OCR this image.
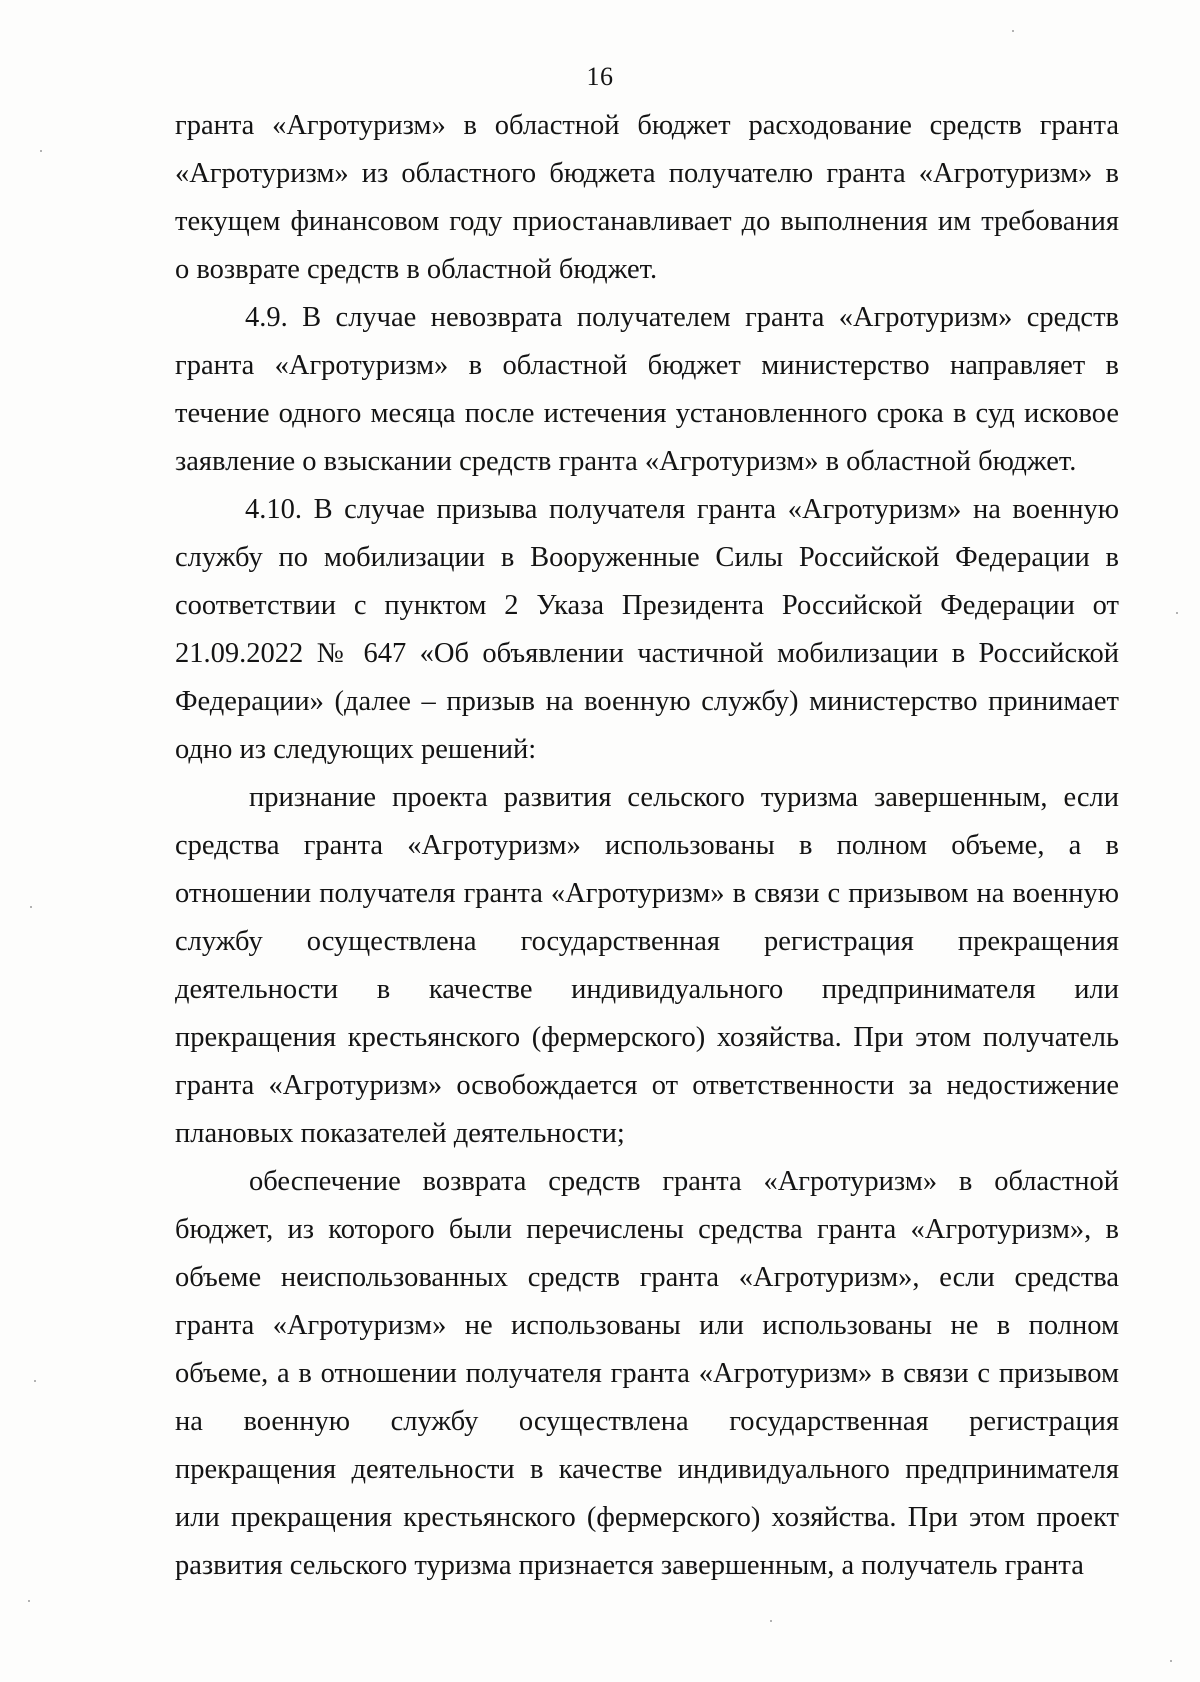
16

гранта «Агротуризм» в областной бюджет расходование средств гранта «Агротуризм» из областного бюджета получателю гранта «Агротуризм» в текущем финансовом году приостанавливает до выполнения им требования о возврате средств в областной бюджет.

4.9. В случае невозврата получателем гранта «Агротуризм» средств гранта «Агротуризм» в областной бюджет министерство направляет в течение одного месяца после истечения установленного срока в суд исковое заявление о взыскании средств гранта «Агротуризм» в областной бюджет.

4.10. В случае призыва получателя гранта «Агротуризм» на военную службу по мобилизации в Вооруженные Силы Российской Федерации в соответствии с пунктом 2 Указа Президента Российской Федерации от 21.09.2022 № 647 «Об объявлении частичной мобилизации в Российской Федерации» (далее – призыв на военную службу) министерство принимает одно из следующих решений:

признание проекта развития сельского туризма завершенным, если средства гранта «Агротуризм» использованы в полном объеме, а в отношении получателя гранта «Агротуризм» в связи с призывом на военную службу осуществлена государственная регистрация прекращения деятельности в качестве индивидуального предпринимателя или прекращения крестьянского (фермерского) хозяйства. При этом получатель гранта «Агротуризм» освобождается от ответственности за недостижение плановых показателей деятельности;

обеспечение возврата средств гранта «Агротуризм» в областной бюджет, из которого были перечислены средства гранта «Агротуризм», в объеме неиспользованных средств гранта «Агротуризм», если средства гранта «Агротуризм» не использованы или использованы не в полном объеме, а в отношении получателя гранта «Агротуризм» в связи с призывом на военную службу осуществлена государственная регистрация прекращения деятельности в качестве индивидуального предпринимателя или прекращения крестьянского (фермерского) хозяйства. При этом проект развития сельского туризма признается завершенным, а получатель гранта
